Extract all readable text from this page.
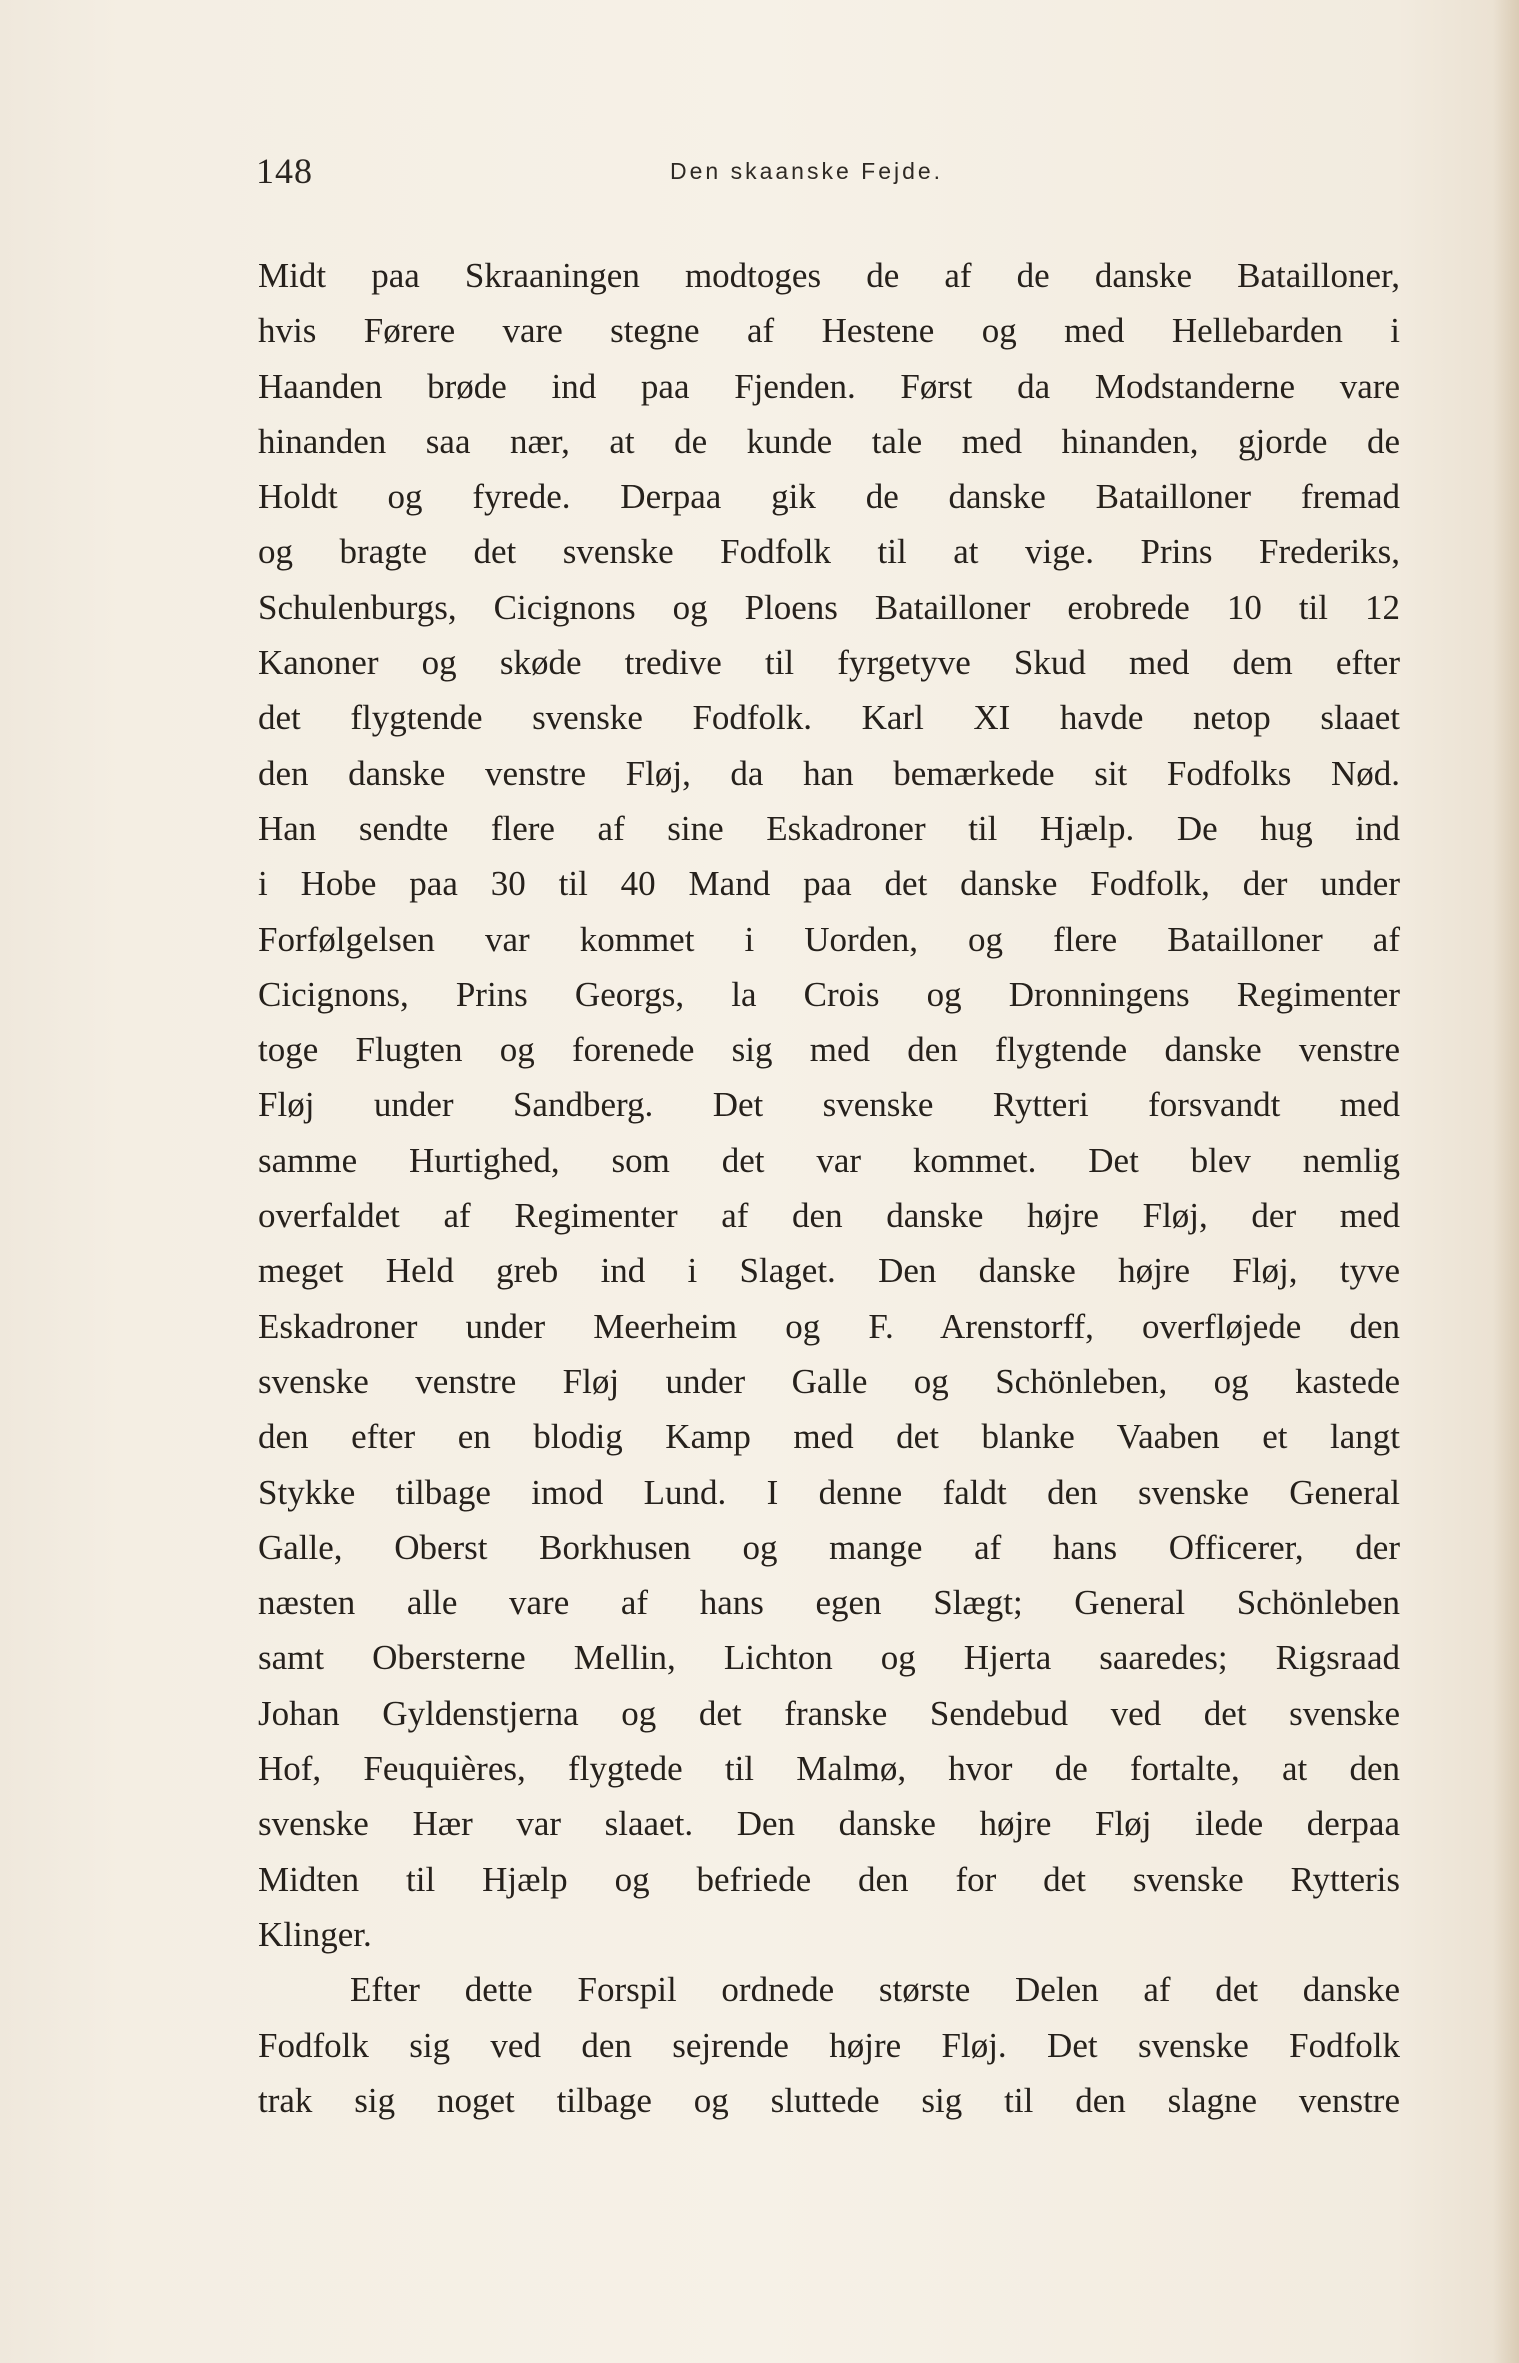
148	Den skaanske Fejde.
Midt paa Skraaningen modtoges de af de danske Batailloner,
hvis Førere vare stegne af Hestene og med Hellebarden i
Haanden brøde ind paa Fjenden. Først da Modstanderne vare
hinanden saa nær, at de kunde tale med hinanden, gjorde de
Holdt og fyrede. Derpaa gik de danske Batailloner fremad
og bragte det svenske Fodfolk til at vige. Prins Frederiks,
Schulenburgs, Cicignons og Ploens Batailloner erobrede 10 til 12
Kanoner og skøde tredive til fyrgetyve Skud med dem efter
det flygtende svenske Fodfolk. Karl XI havde netop slaaet
den danske venstre Fløj, da han bemærkede sit Fodfolks Nød.
Han sendte flere af sine Eskadroner til Hjælp. De hug ind
i Hobe paa 30 til 40 Mand paa det danske Fodfolk, der under
Forfølgelsen var kommet i Uorden, og flere Batailloner af
Cicignons, Prins Georgs, la Crois og Dronningens Regimenter
toge Flugten og forenede sig med den flygtende danske venstre
Fløj under Sandberg. Det svenske Rytteri forsvandt med
samme Hurtighed, som det var kommet. Det blev nemlig
overfaldet af Regimenter af den danske højre Fløj, der med
meget Held greb ind i Slaget. Den danske højre Fløj, tyve
Eskadroner under Meerheim og F. Arenstorff, overfløjede den
svenske venstre Fløj under Galle og Schönleben, og kastede
den efter en blodig Kamp med det blanke Vaaben et langt
Stykke tilbage imod Lund. I denne faldt den svenske General
Galle, Oberst Borkhusen og mange af hans Officerer, der
næsten alle vare af hans egen Slægt; General Schönleben
samt Obersterne Mellin, Lichton og Hjerta saaredes; Rigsraad
Johan Gyldenstjerna og det franske Sendebud ved det svenske
Hof, Feuquières, flygtede til Malmø, hvor de fortalte, at den
svenske Hær var slaaet. Den danske højre Fløj ilede derpaa
Midten til Hjælp og befriede den for det svenske Rytteris
Klinger.
Efter dette Forspil ordnede største Delen af det danske
Fodfolk sig ved den sejrende højre Fløj. Det svenske Fodfolk
trak sig noget tilbage og sluttede sig til den slagne venstre
